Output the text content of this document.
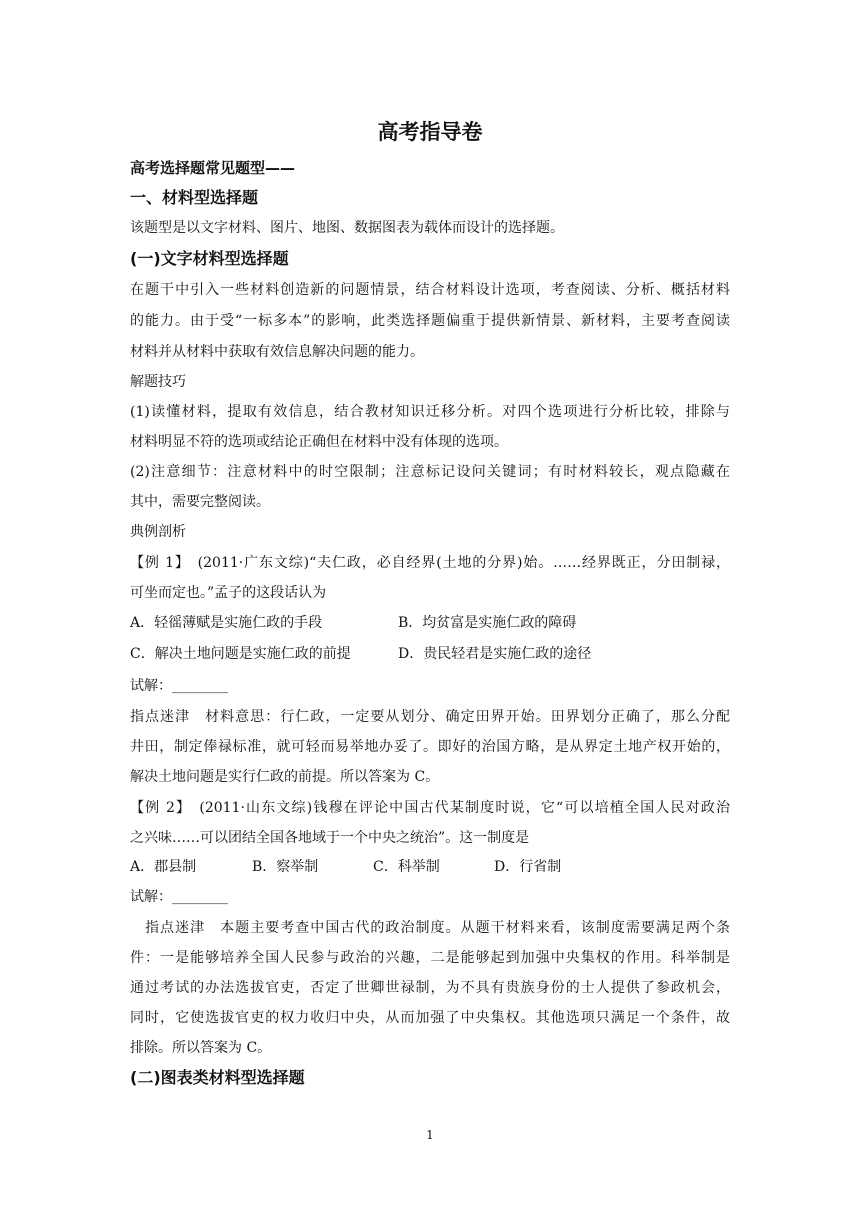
高考指导卷
高考选择题常见题型——
一、材料型选择题
该题型是以文字材料、图片、地图、数据图表为载体而设计的选择题。
(一)文字材料型选择题
在题干中引入一些材料创造新的问题情景，结合材料设计选项，考查阅读、分析、概括材料
的能力。由于受“一标多本”的影响，此类选择题偏重于提供新情景、新材料，主要考查阅读
材料并从材料中获取有效信息解决问题的能力。
解题技巧
(1)读懂材料，提取有效信息，结合教材知识迁移分析。对四个选项进行分析比较，排除与
材料明显不符的选项或结论正确但在材料中没有体现的选项。
(2)注意细节：注意材料中的时空限制；注意标记设问关键词；有时材料较长，观点隐藏在
其中，需要完整阅读。
典例剖析
【例 1】　(2011·广东文综)“夫仁政，必自经界(土地的分界)始。……经界既正，分田制禄，
可坐而定也。”孟子的这段话认为
A．轻徭薄赋是实施仁政的手段	B．均贫富是实施仁政的障碍
C．解决土地问题是实施仁政的前提	D．贵民轻君是实施仁政的途径
试解：________
指点迷津　材料意思：行仁政，一定要从划分、确定田界开始。田界划分正确了，那么分配
井田，制定俸禄标准，就可轻而易举地办妥了。即好的治国方略，是从界定土地产权开始的，
解决土地问题是实行仁政的前提。所以答案为 C。
【例 2】　(2011·山东文综)钱穆在评论中国古代某制度时说，它“可以培植全国人民对政治
之兴味……可以团结全国各地域于一个中央之统治”。这一制度是
A．郡县制	B．察举制	C．科举制	D．行省制
试解：________
　指点迷津　本题主要考查中国古代的政治制度。从题干材料来看，该制度需要满足两个条
件：一是能够培养全国人民参与政治的兴趣，二是能够起到加强中央集权的作用。科举制是
通过考试的办法选拔官吏，否定了世卿世禄制，为不具有贵族身份的士人提供了参政机会，
同时，它使选拔官吏的权力收归中央，从而加强了中央集权。其他选项只满足一个条件，故
排除。所以答案为 C。
(二)图表类材料型选择题
1
